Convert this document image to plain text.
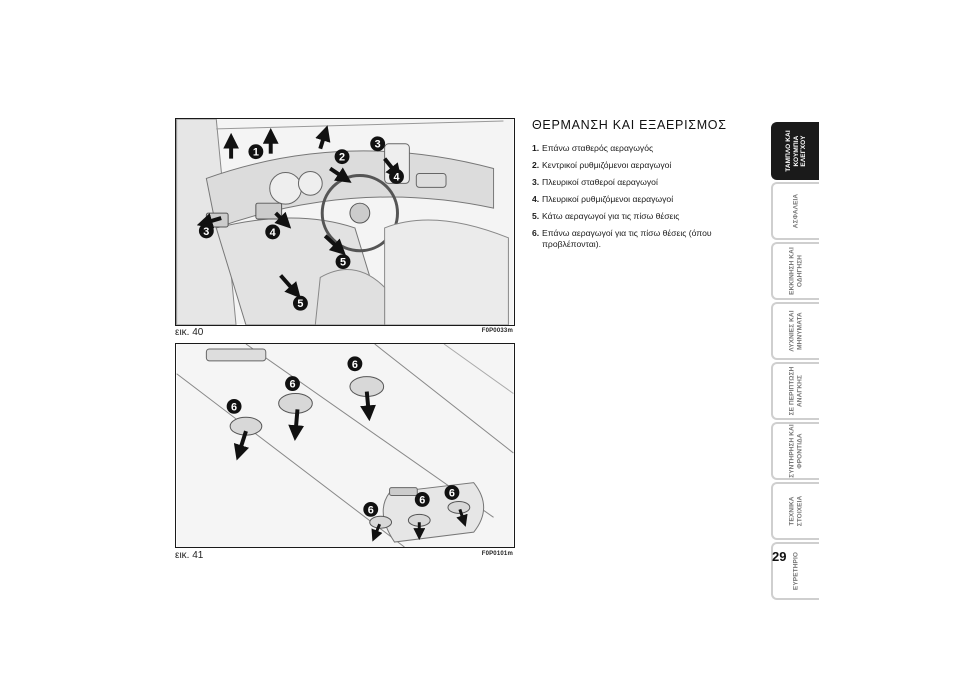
1	2
3
3
4
4
5
5
εικ. 40	F0P0033m
6
6
6
6
6
6
εικ. 41	F0P0101m
ΘΕΡΜΑΝΣΗ ΚΑΙ ΕΞΑΕΡΙΣΜΟΣ
1. Επάνω σταθερός αεραγωγός
2. Κεντρικοί ρυθμιζόμενοι αεραγωγοί
3. Πλευρικοί σταθεροί αεραγωγοί
4. Πλευρικοί ρυθμιζόμενοι αεραγωγοί
5. Κάτω αεραγωγοί για τις πίσω θέσεις
6. Επάνω αεραγωγοί για τις πίσω θέσεις (όπου προβλέπονται).
ΤΑΜΠΛΟ ΚΑΙ ΚΟΥΜΠΙΑ ΕΛΕΓΧΟΥ
ΑΣΦΑΛΕΙΑ
ΕΚΚΙΝΗΣΗ ΚΑΙ ΟΔΗΓΗΣΗ
ΛΥΧΝΙΕΣ ΚΑΙ ΜΗΝΥΜΑΤΑ
ΣΕ ΠΕΡΙΠΤΩΣΗ ΑΝΑΓΚΗΣ
ΣΥΝΤΗΡΗΣΗ ΚΑΙ ΦΡΟΝΤΙΔΑ
ΤΕΧΝΙΚΑ ΣΤΟΙΧΕΙΑ
ΕΥΡΕΤΗΡΙΟ
29
